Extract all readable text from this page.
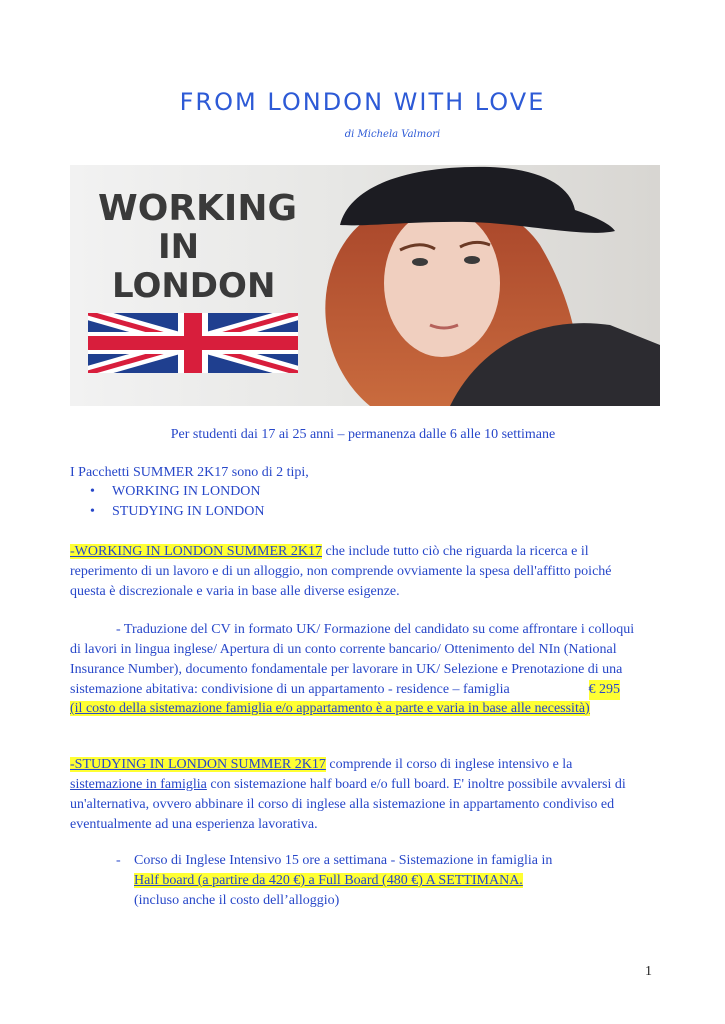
FROM LONDON WITH LOVE
di Michela Valmori
WORKING
IN
LONDON

Per studenti dai 17 ai 25 anni – permanenza dalle 6 alle 10 settimane

I Pacchetti SUMMER 2K17 sono di 2 tipi,

• WORKING IN LONDON
• STUDYING IN LONDON

-WORKING IN LONDON SUMMER 2K17 che include tutto ciò che riguarda la ricerca e il

reperimento di un lavoro e di un alloggio, non comprende ovviamente la spesa dell'affitto poiché

questa è discrezionale e varia in base alle diverse esigenze.

- Traduzione del CV in formato UK/ Formazione del candidato su come affrontare i colloqui

di lavori in lingua inglese/ Apertura di un conto corrente bancario/ Ottenimento del NIn (National

Insurance Number), documento fondamentale per lavorare in UK/ Selezione e Prenotazione di una

sistemazione abitativa: condivisione di un appartamento - residence – famiglia	€ 295

(il costo della sistemazione famiglia e/o appartamento è a parte e varia in base alle necessità)

-STUDYING IN LONDON SUMMER 2K17 comprende il corso di inglese intensivo e la

sistemazione in famiglia con sistemazione half board e/o full board. E' inoltre possibile avvalersi di

un'alternativa, ovvero abbinare il corso di inglese alla sistemazione in appartamento condiviso ed

eventualmente ad una esperienza lavorativa.

- Corso di Inglese Intensivo 15 ore a settimana - Sistemazione in famiglia in
Half board (a partire da 420 €) a Full Board (480 €) A SETTIMANA.
(incluso anche il costo dell’alloggio)
1
